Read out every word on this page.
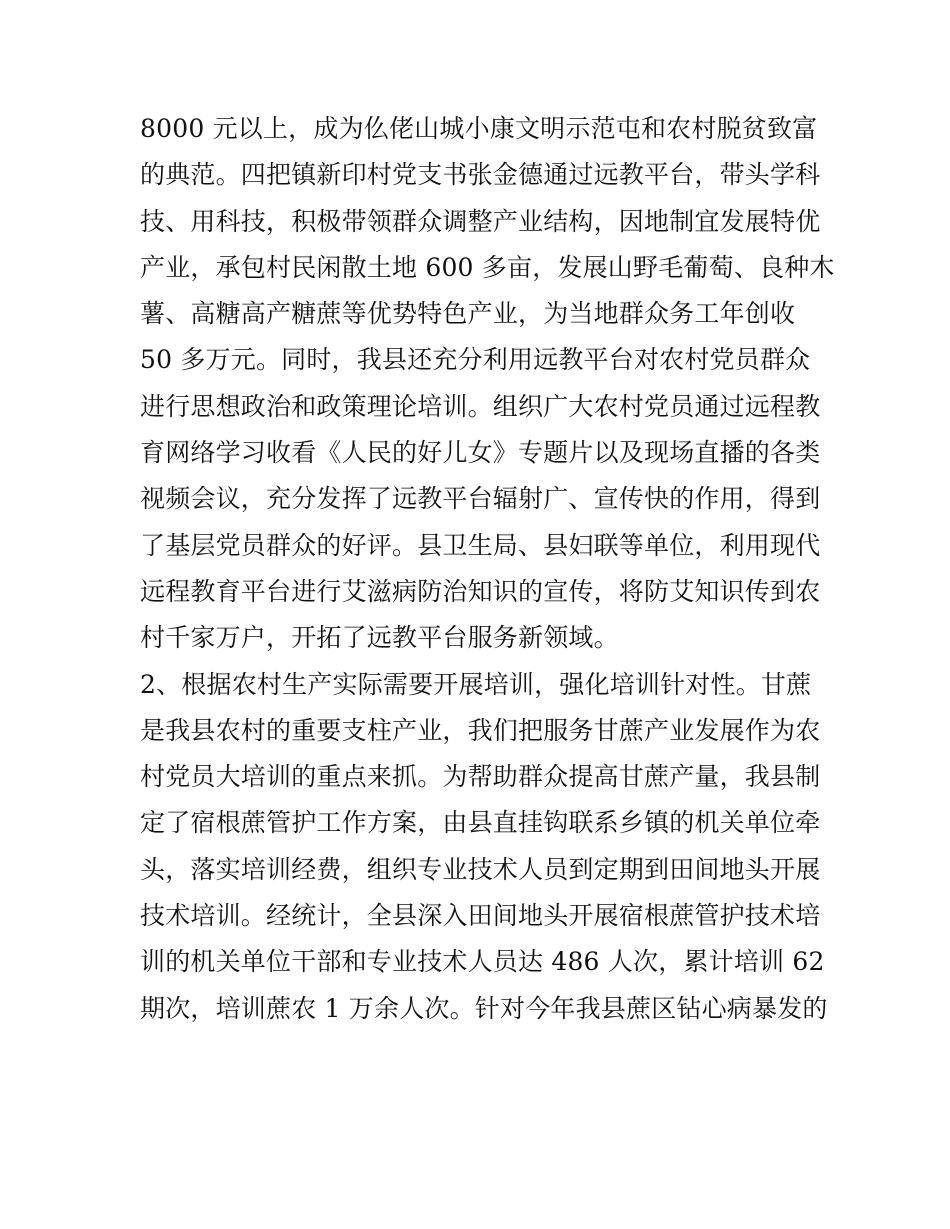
8000 元以上，成为仫佬山城小康文明示范屯和农村脱贫致富
的典范。四把镇新印村党支书张金德通过远教平台，带头学科
技、用科技，积极带领群众调整产业结构，因地制宜发展特优
产业，承包村民闲散土地 600 多亩，发展山野毛葡萄、良种木
薯、高糖高产糖蔗等优势特色产业，为当地群众务工年创收
50 多万元。同时，我县还充分利用远教平台对农村党员群众
进行思想政治和政策理论培训。组织广大农村党员通过远程教
育网络学习收看《人民的好儿女》专题片以及现场直播的各类
视频会议，充分发挥了远教平台辐射广、宣传快的作用，得到
了基层党员群众的好评。县卫生局、县妇联等单位，利用现代
远程教育平台进行艾滋病防治知识的宣传，将防艾知识传到农
村千家万户，开拓了远教平台服务新领域。
2、根据农村生产实际需要开展培训，强化培训针对性。甘蔗
是我县农村的重要支柱产业，我们把服务甘蔗产业发展作为农
村党员大培训的重点来抓。为帮助群众提高甘蔗产量，我县制
定了宿根蔗管护工作方案，由县直挂钩联系乡镇的机关单位牵
头，落实培训经费，组织专业技术人员到定期到田间地头开展
技术培训。经统计，全县深入田间地头开展宿根蔗管护技术培
训的机关单位干部和专业技术人员达 486 人次，累计培训 62
期次，培训蔗农 1 万余人次。针对今年我县蔗区钻心病暴发的
